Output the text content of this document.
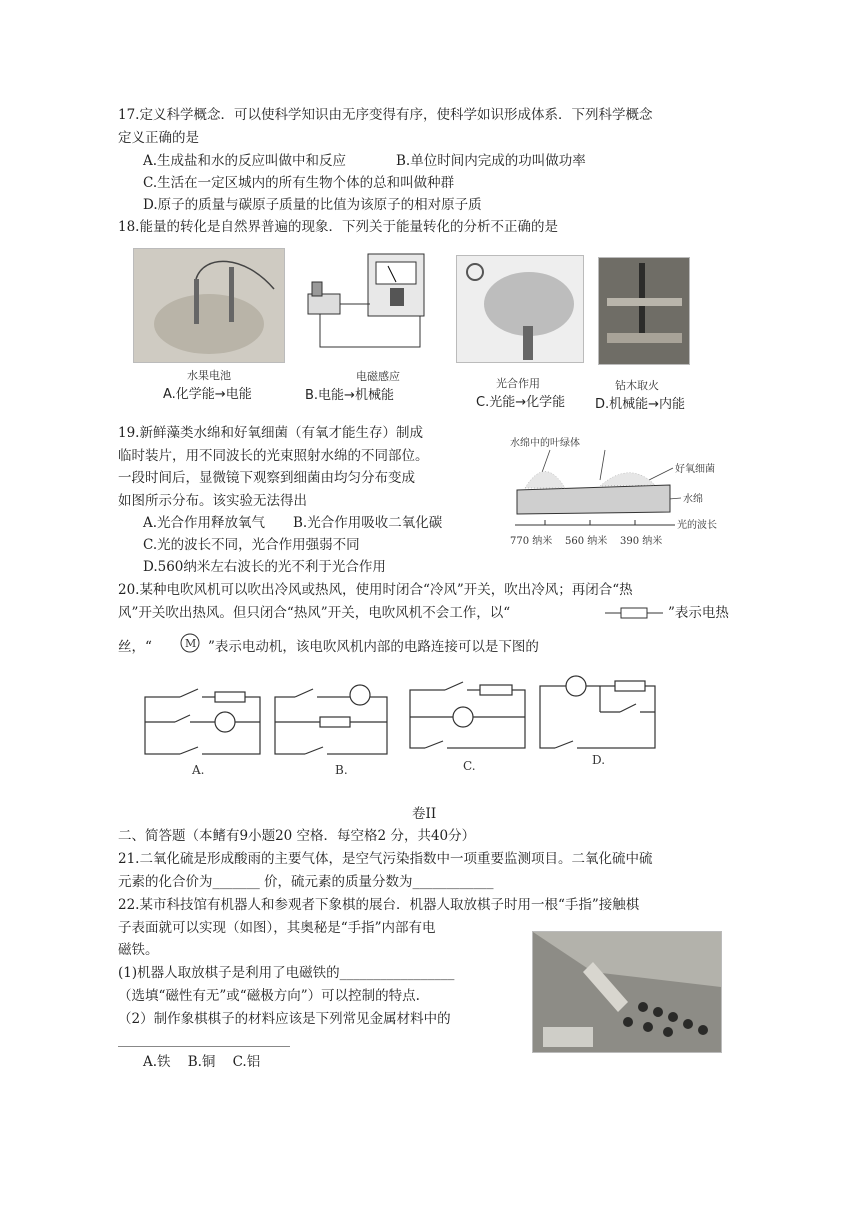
17.定义科学概念．可以使科学知识由无序变得有序，使科学如识形成体系．下列科学概念
定义正确的是
A.生成盐和水的反应叫做中和反应	B.单位时间内完成的功叫做功率
C.生活在一定区城内的所有生物个体的总和叫做种群
D.原子的质量与碳原子质量的比值为该原子的相对原子质
18.能量的转化是自然界普遍的现象．下列关于能量转化的分析不正确的是
水果电池
A.化学能→电能
电磁感应
B.电能→机械能
光合作用
C.光能→化学能
钻木取火
D.机械能→内能
19.新鲜藻类水绵和好氧细菌（有氧才能生存）制成
临时装片，用不同波长的光束照射水绵的不同部位。
一段时间后，显微镜下观察到细菌由均匀分布变成
如图所示分布。该实验无法得出
A.光合作用释放氧气 B.光合作用吸收二氧化碳
C.光的波长不同，光合作用强弱不同
D.560纳米左右波长的光不利于光合作用
水绵中的叶绿体
好氧细菌
水绵
光的波长
770 纳米 560 纳米 390 纳米
20.某种电吹风机可以吹出冷风或热风，使用时闭合“冷风”开关，吹出冷风；再闭合“热
风”开关吹出热风。但只闭合“热风”开关，电吹风机不会工作，以“	”表示电热
丝，“	M ”表示电动机，该电吹风机内部的电路连接可以是下图的
A.	B.	C.	D.
卷II
二、简答题（本鳍有9小题20 空格．每空格2 分，共40分）
21.二氧化硫是形成酸雨的主要气体，是空气污染指数中一项重要监测项目。二氧化硫中硫
元素的化合价为_______ 价，硫元素的质量分数为____________
22.某市科技馆有机器人和参观者下象棋的展台．机器人取放棋子时用一根“手指”接触棋
子表面就可以实现（如图），其奥秘是“手指”内部有电
磁铁。
(1)机器人取放棋子是利用了电磁铁的_________________
（选填“磁性有无”或“磁极方向”）可以控制的特点.
（2）制作象棋棋子的材料应该是下列常见金属材料中的
A.铁    B.铜    C.铝
